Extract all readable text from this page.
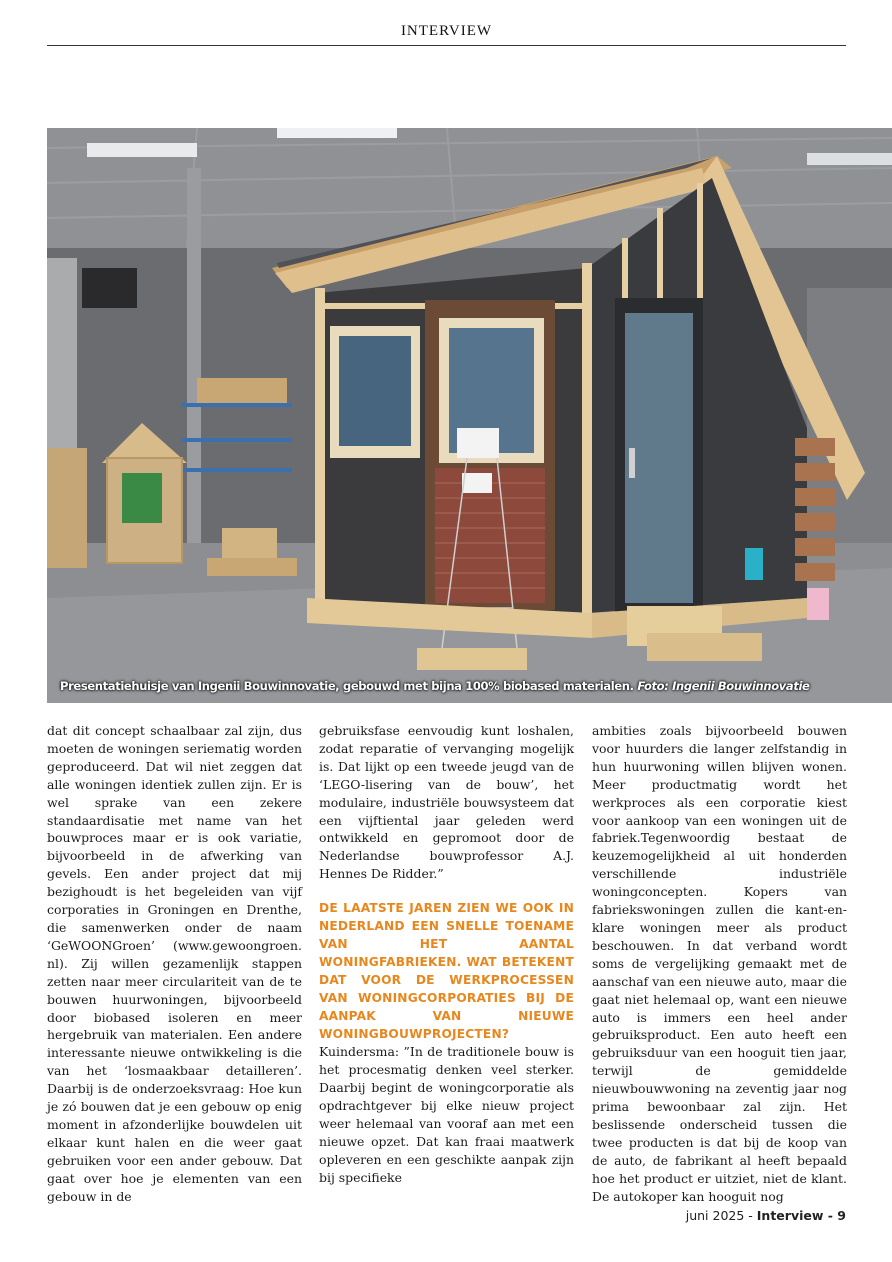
INTERVIEW
Presentatiehuisje van Ingenii Bouwinnovatie, gebouwd met bijna 100% biobased materialen. Foto: Ingenii Bouwinnovatie

dat dit concept schaalbaar zal zijn, dus moeten de woningen seriematig worden geproduceerd. Dat wil niet zeggen dat alle woningen identiek zullen zijn. Er is wel sprake van een zekere standaardisatie met name van het bouwproces maar er is ook variatie, bijvoorbeeld in de afwerking van gevels. Een ander project dat mij bezighoudt is het begeleiden van vijf corporaties in Groningen en Drenthe, die samenwerken onder de naam ‘GeWOONGroen’ (www.gewoongroen. nl). Zij willen gezamenlijk stappen zetten naar meer circulariteit van de te bouwen huurwoningen, bijvoorbeeld door biobased isoleren en meer hergebruik van materialen. Een andere interessante nieuwe ontwikkeling is die van het ‘losmaakbaar detailleren’. Daarbij is de onderzoeksvraag: Hoe kun je zó bouwen dat je een gebouw op enig moment in afzonderlijke bouwdelen uit elkaar kunt halen en die weer gaat gebruiken voor een ander gebouw. Dat gaat over hoe je elementen van een gebouw in de

gebruiksfase eenvoudig kunt loshalen, zodat reparatie of vervanging mogelijk is. Dat lijkt op een tweede jeugd van de ‘LEGO-lisering van de bouw’, het modulaire, industriële bouwsysteem dat een vijftiental jaar geleden werd ontwikkeld en gepromoot door de Nederlandse bouwprofessor A.J. Hennes De Ridder.”

DE LAATSTE JAREN ZIEN WE OOK IN NEDERLAND EEN SNELLE TOENAME VAN HET AANTAL WONINGFABRIEKEN. WAT BETEKENT DAT VOOR DE WERKPROCESSEN VAN WONINGCORPORATIES BIJ DE AANPAK VAN NIEUWE WONINGBOUWPROJECTEN?

Kuindersma: ”In de traditionele bouw is het procesmatig denken veel sterker. Daarbij begint de woningcorporatie als opdrachtgever bij elke nieuw project weer helemaal van vooraf aan met een nieuwe opzet. Dat kan fraai maatwerk opleveren en een geschikte aanpak zijn bij specifieke

ambities zoals bijvoorbeeld bouwen voor huurders die langer zelfstandig in hun huurwoning willen blijven wonen. Meer productmatig wordt het werkproces als een corporatie kiest voor aankoop van een woningen uit de fabriek.Tegenwoordig bestaat de keuzemogelijkheid al uit honderden verschillende industriële woningconcepten. Kopers van fabriekswoningen zullen die kant-en-klare woningen meer als product beschouwen. In dat verband wordt soms de vergelijking gemaakt met de aanschaf van een nieuwe auto, maar die gaat niet helemaal op, want een nieuwe auto is immers een heel ander gebruiksproduct. Een auto heeft een gebruiksduur van een hooguit tien jaar, terwijl de gemiddelde nieuwbouwwoning na zeventig jaar nog prima bewoonbaar zal zijn. Het beslissende onderscheid tussen die twee producten is dat bij de koop van de auto, de fabrikant al heeft bepaald hoe het product er uitziet, niet de klant. De autokoper kan hooguit nog

juni 2025 - Interview - 9
